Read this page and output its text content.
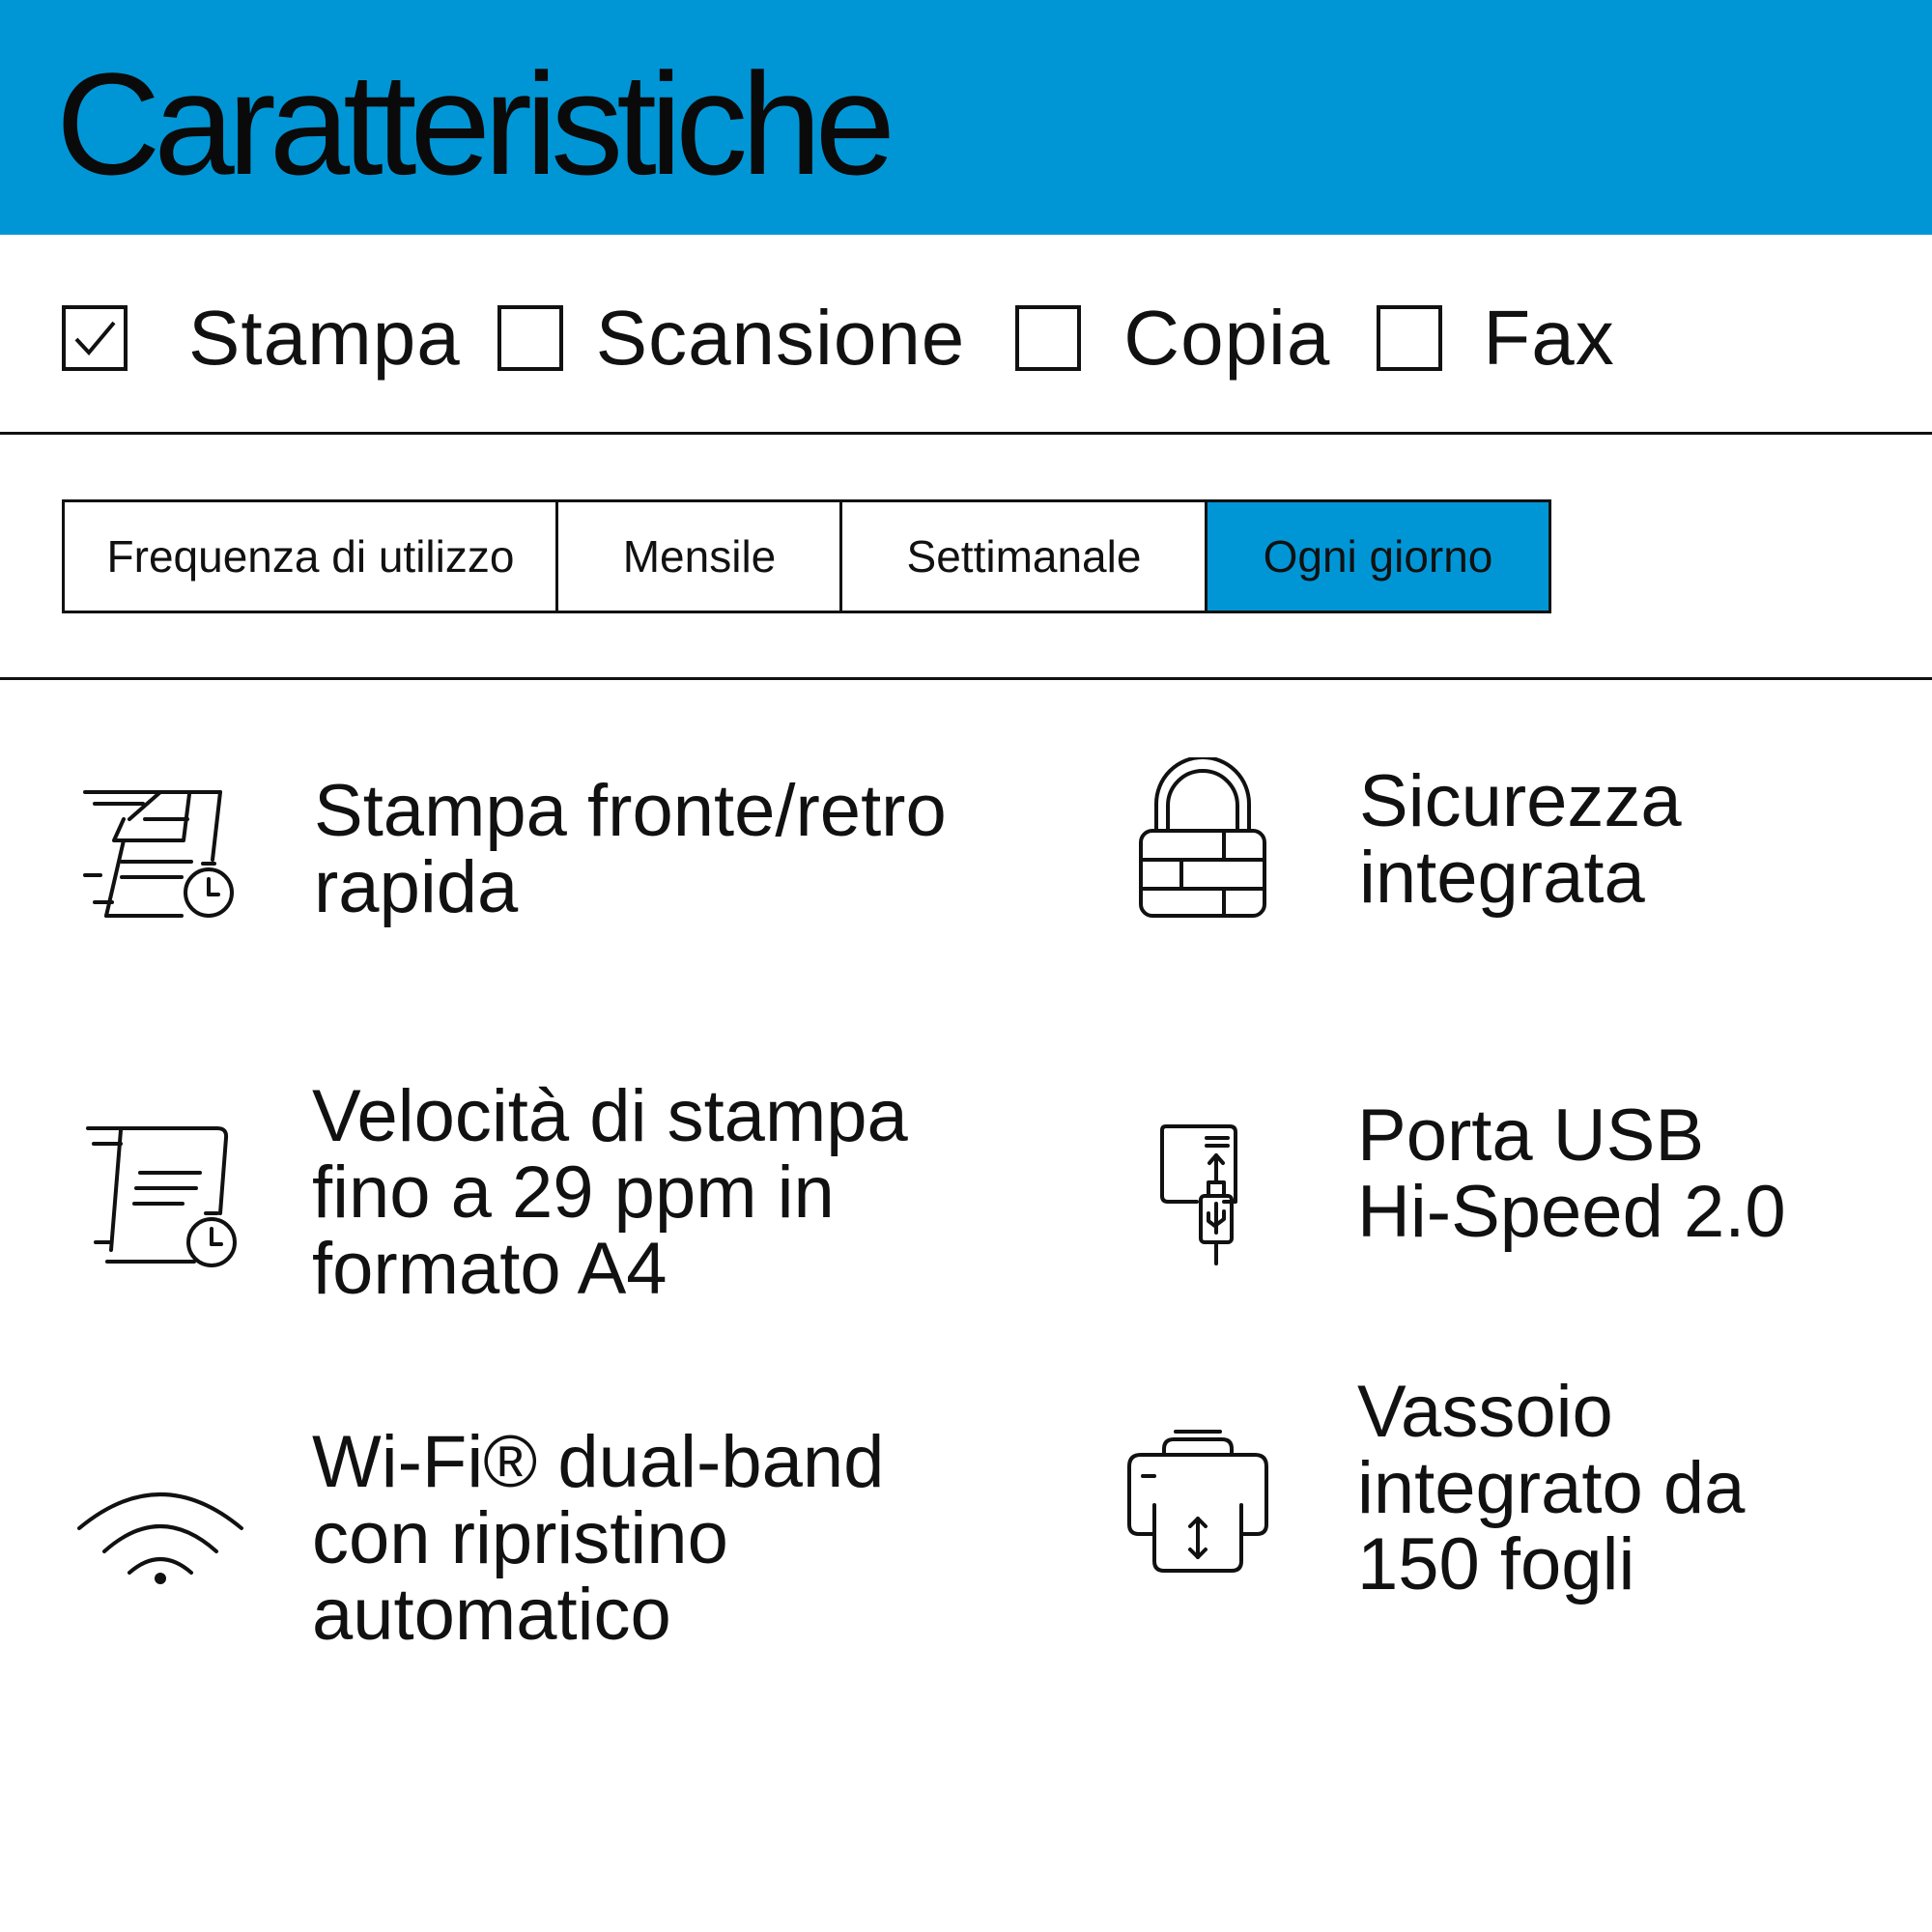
Caratteristiche
Stampa Scansione Copia Fax
Frequenza di utilizzo	Mensile	Settimanale	Ogni giorno
Stampa fronte/retro
rapida
Sicurezza
integrata
Velocità di stampa
fino a 29 ppm in
formato A4
Porta USB
Hi-Speed 2.0
Wi-Fi® dual-band
con ripristino
automatico
Vassoio
integrato da
150 fogli
